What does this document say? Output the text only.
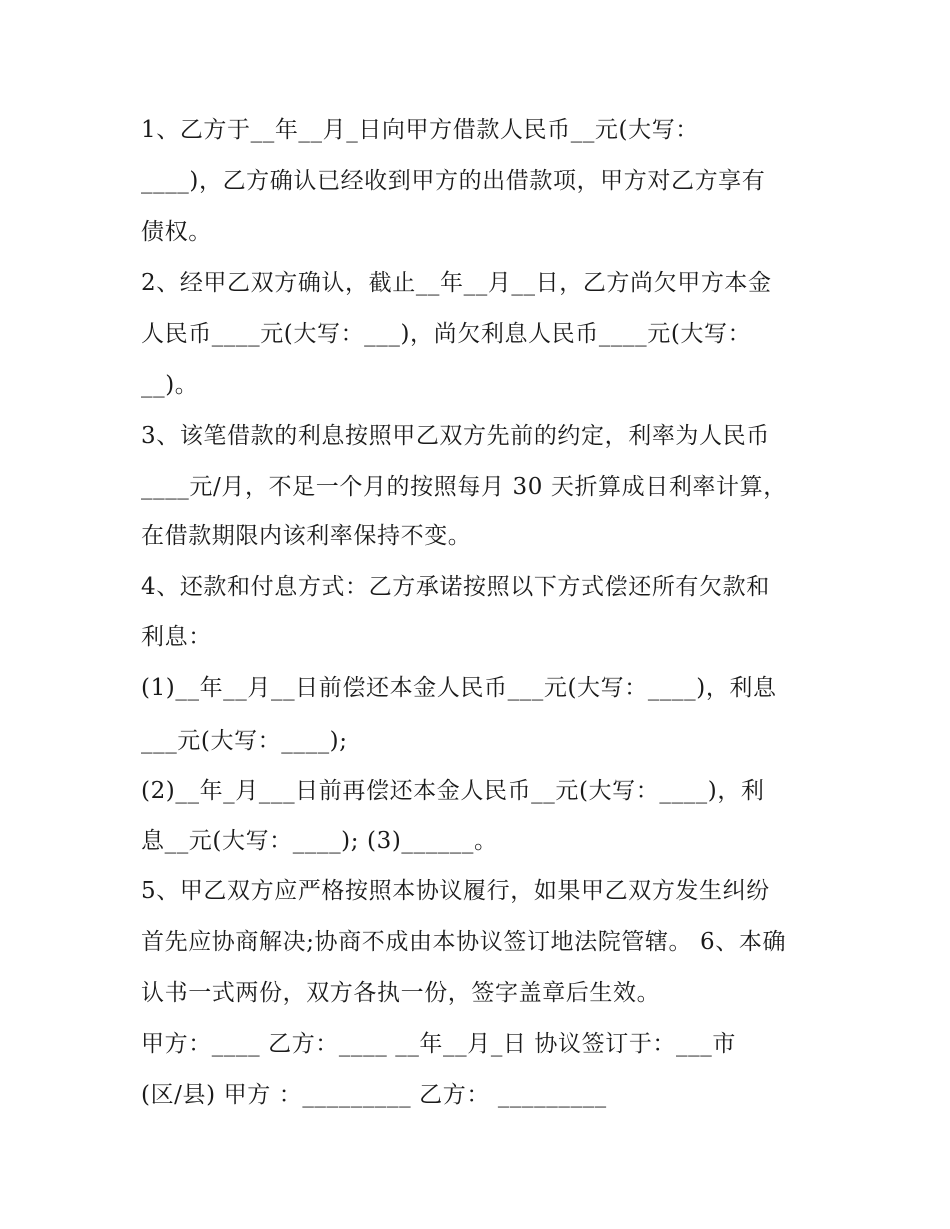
1、乙方于__年__月_日向甲方借款人民币__元(大写：
____)，乙方确认已经收到甲方的出借款项，甲方对乙方享有
债权。
2、经甲乙双方确认，截止__年__月__日，乙方尚欠甲方本金
人民币____元(大写：___)，尚欠利息人民币____元(大写：
__)。
3、该笔借款的利息按照甲乙双方先前的约定，利率为人民币
____元/月，不足一个月的按照每月 30 天折算成日利率计算，
在借款期限内该利率保持不变。
4、还款和付息方式：乙方承诺按照以下方式偿还所有欠款和
利息：
(1)__年__月__日前偿还本金人民币___元(大写：____)，利息
___元(大写：____);
(2)__年_月___日前再偿还本金人民币__元(大写：____)，利
息__元(大写：____); (3)______。
5、甲乙双方应严格按照本协议履行，如果甲乙双方发生纠纷
首先应协商解决;协商不成由本协议签订地法院管辖。 6、本确
认书一式两份，双方各执一份，签字盖章后生效。
甲方：____ 乙方：____ __年__月_日 协议签订于：___市
(区/县) 甲方 ：_________ 乙方： _________
